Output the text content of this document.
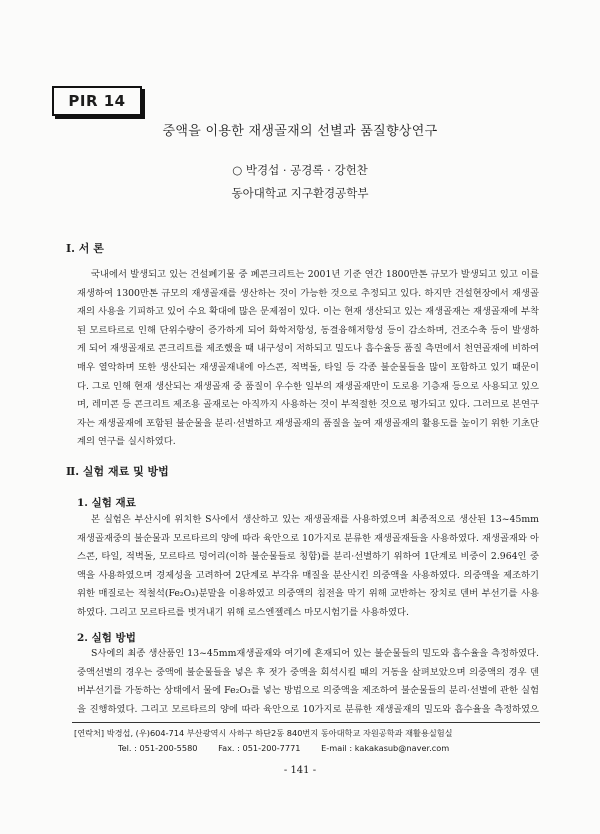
PIR 14
중액을 이용한 재생골재의 선별과 품질향상연구
○ 박경섭 · 공경록 · 강헌찬
동아대학교 지구환경공학부
Ⅰ. 서 론

국내에서 발생되고 있는 건설폐기물 중 폐콘크리트는 2001년 기준 연간 1800만톤 규모가 발생되고 있고 이를 재생하여 1300만톤 규모의 재생골재를 생산하는 것이 가능한 것으로 추정되고 있다. 하지만 건설현장에서 재생골재의 사용을 기피하고 있어 수요 확대에 많은 문제점이 있다. 이는 현재 생산되고 있는 재생골재는 재생골재에 부착된 모르타르로 인해 단위수량이 증가하게 되어 화학저항성, 동결융해저항성 등이 감소하며, 건조수축 등이 발생하게 되어 재생골재로 콘크리트를 제조했을 때 내구성이 저하되고 밀도나 흡수율등 품질 측면에서 천연골재에 비하여 매우 열악하며 또한 생산되는 재생골재내에 아스콘, 적벽돌, 타일 등 각종 불순물들을 많이 포함하고 있기 때문이다. 그로 인해 현재 생산되는 재생골재 중 품질이 우수한 일부의 재생골재만이 도로용 기층재 등으로 사용되고 있으며, 레미콘 등 콘크리트 제조용 골재로는 아직까지 사용하는 것이 부적절한 것으로 평가되고 있다. 그러므로 본연구자는 재생골재에 포함된 불순물을 분리·선별하고 재생골재의 품질을 높여 재생골재의 활용도를 높이기 위한 기초단계의 연구를 실시하였다.

Ⅱ. 실험 재료 및 방법
1. 실험 재료

본 실험은 부산시에 위치한 S사에서 생산하고 있는 재생골재를 사용하였으며 최종적으로 생산된 13~45mm 재생골재중의 불순물과 모르타르의 양에 따라 육안으로 10가지로 분류한 재생골재들을 사용하였다. 재생골재와 아스콘, 타일, 적벽돌, 모르타르 덩어리(이하 불순물들로 칭함)를 분리·선별하기 위하여 1단계로 비중이 2.964인 중액을 사용하였으며 경제성을 고려하여 2단계로 부각유 매질을 분산시킨 의중액을 사용하였다. 의중액을 제조하기 위한 매질로는 적철석(Fe₂O₃)분말을 이용하였고 의중액의 침전을 막기 위해 교반하는 장치로 덴버 부선기를 사용하였다. 그리고 모르타르를 벗겨내기 위해 로스엔젤레스 마모시험기를 사용하였다.

2. 실험 방법

S사에의 최종 생산품인 13~45mm재생골재와 여기에 혼재되어 있는 불순물들의 밀도와 흡수율을 측정하였다. 중액선별의 경우는 중액에 불순물들을 넣은 후 젓가 중액을 회석시킬 때의 거동을 살펴보았으며 의중액의 경우 덴버부선기를 가동하는 상태에서 물에 Fe₂O₃를 넣는 방법으로 의중액을 제조하여 불순물들의 분리·선별에 관한 실험을 진행하였다. 그리고 모르타르의 양에 따라 육안으로 10가지로 분류한 재생골재의 밀도와 흡수율을 측정하였으

[연락처] 박경섭, (우)604-714 부산광역시 사하구 하단2동 840번지 동아대학교 자원공학과 재활용실험실
Tel. : 051-200-5580	Fax. : 051-200-7771	E-mail : kakakasub@naver.com
- 141 -
